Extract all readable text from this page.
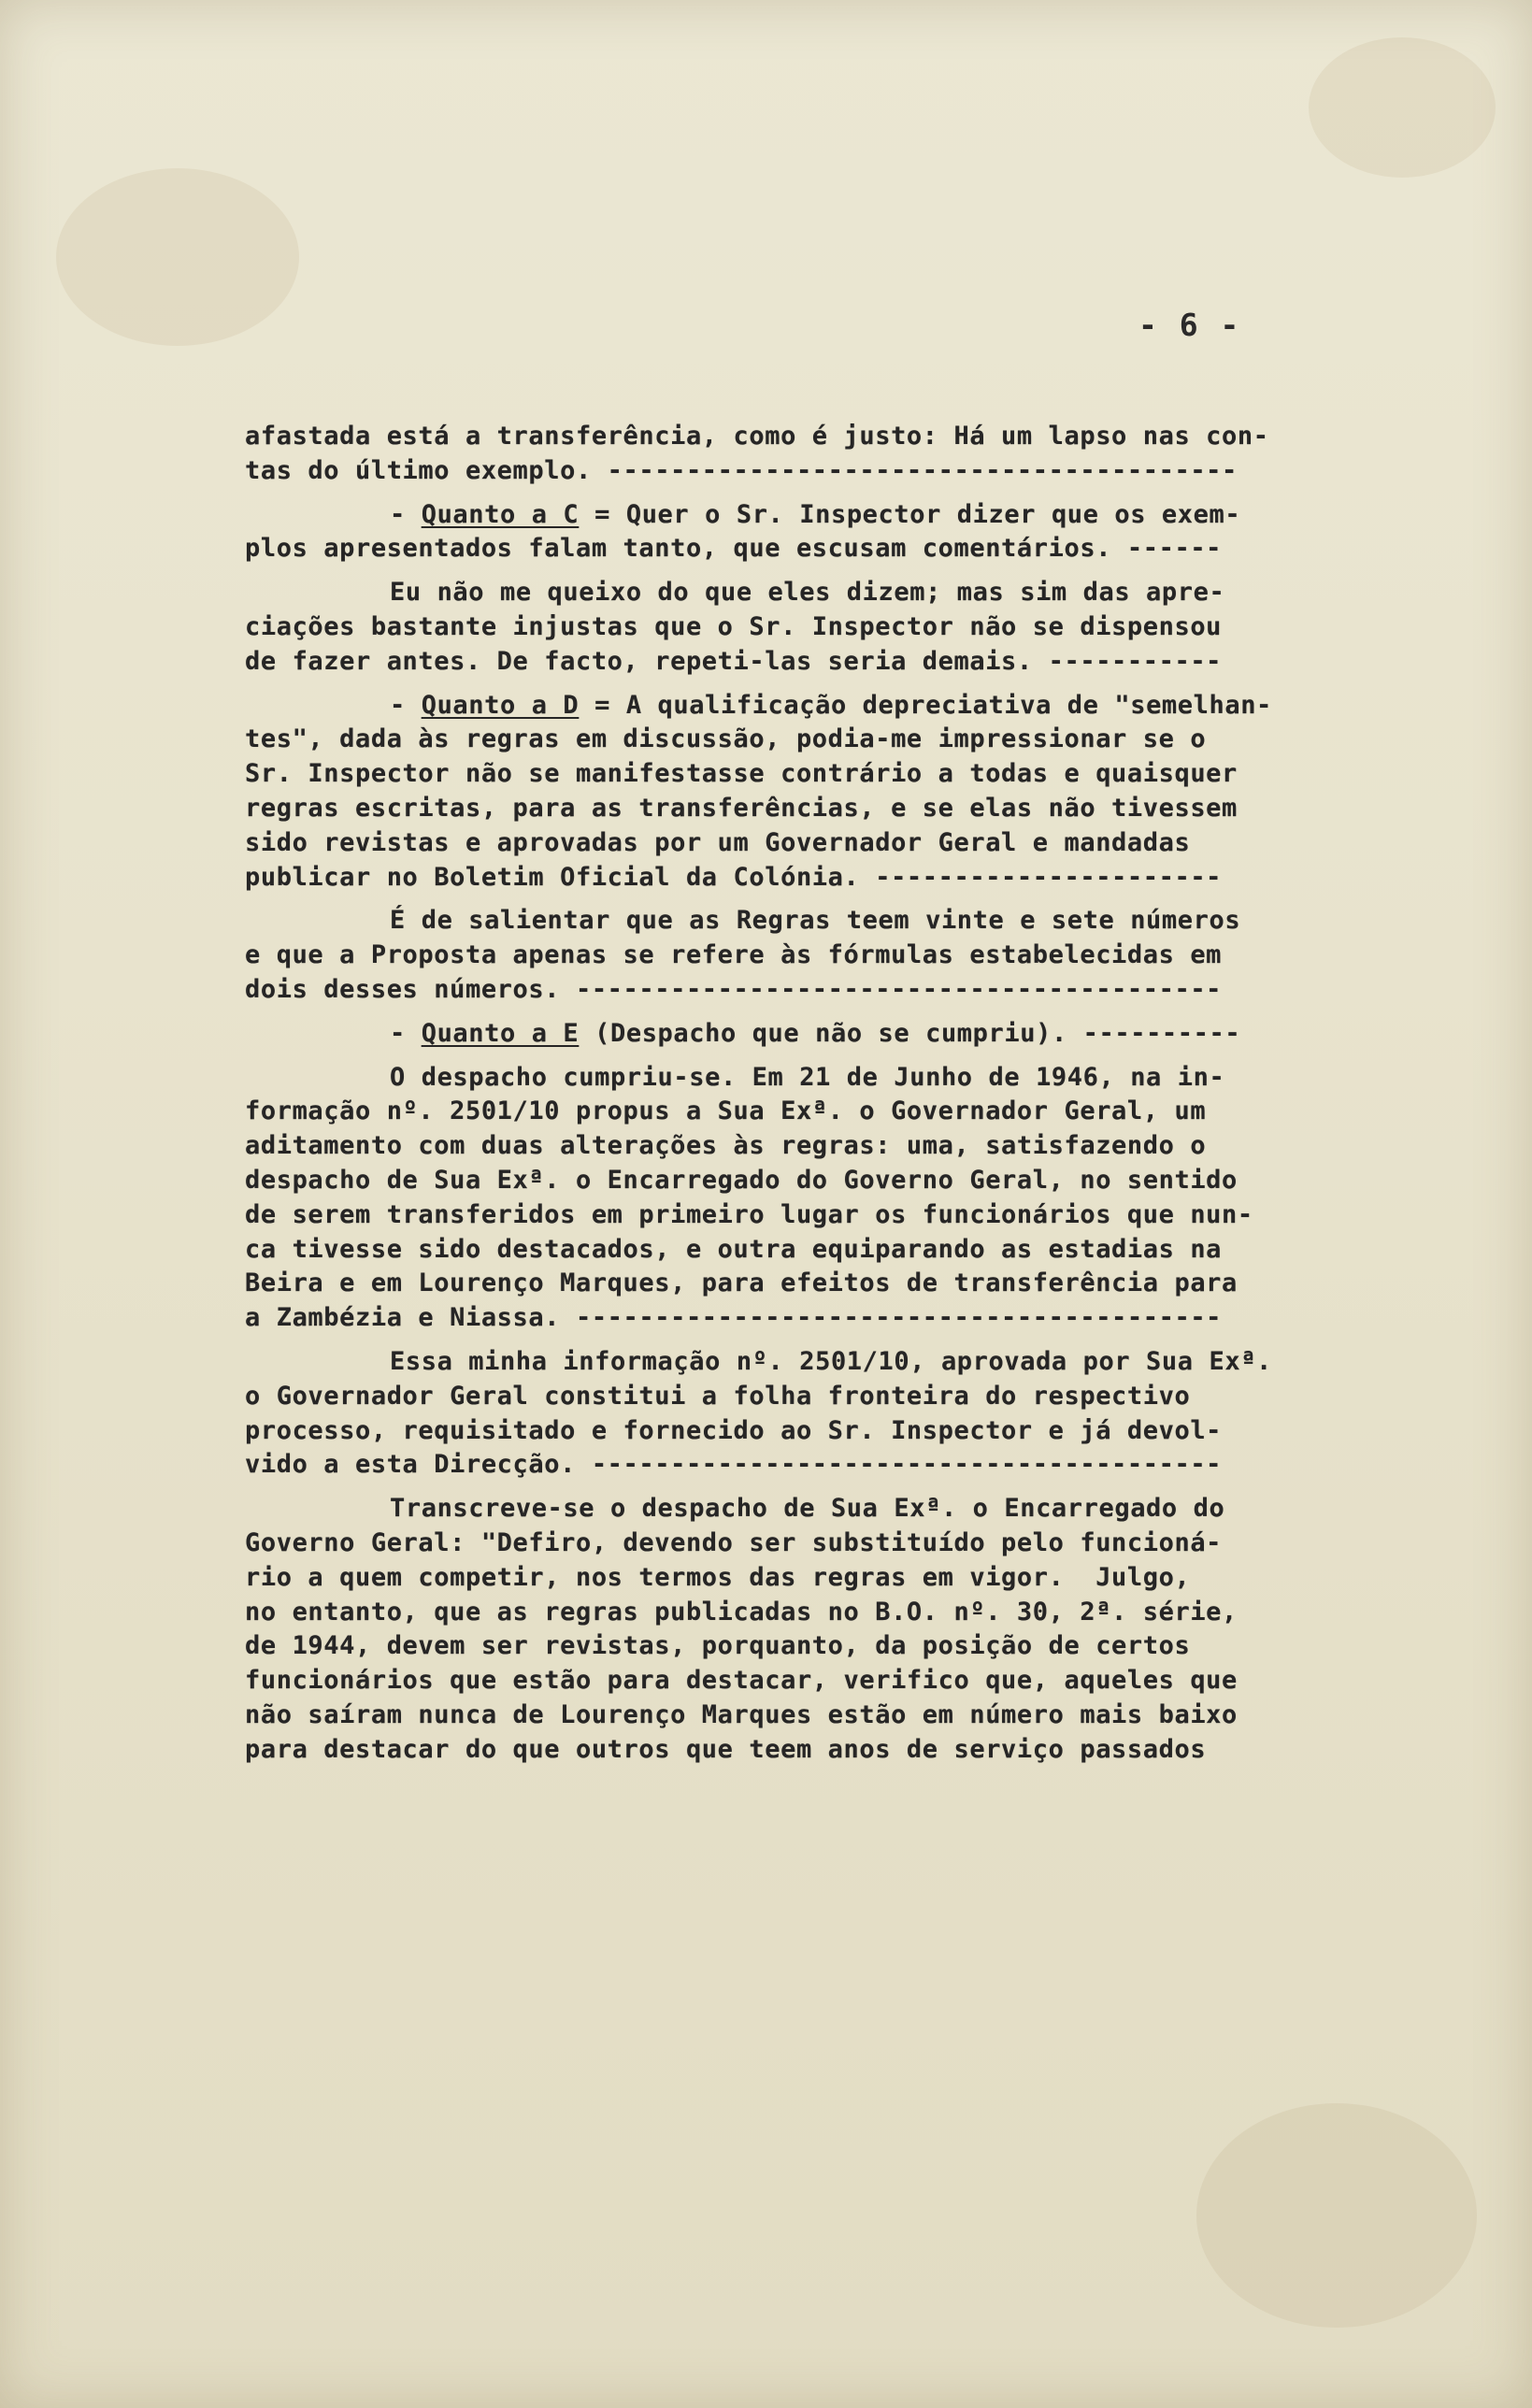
- 6 -
afastada está a transferência, como é justo: Há um lapso nas con-
tas do último exemplo. ----------------------------------------
- Quanto a C = Quer o Sr. Inspector dizer que os exem-
plos apresentados falam tanto, que escusam comentários. ------
Eu não me queixo do que eles dizem; mas sim das apre-
ciações bastante injustas que o Sr. Inspector não se dispensou
de fazer antes. De facto, repeti-las seria demais. -----------
- Quanto a D = A qualificação depreciativa de "semelhan-
tes", dada às regras em discussão, podia-me impressionar se o
Sr. Inspector não se manifestasse contrário a todas e quaisquer
regras escritas, para as transferências, e se elas não tivessem
sido revistas e aprovadas por um Governador Geral e mandadas
publicar no Boletim Oficial da Colónia. ----------------------
É de salientar que as Regras teem vinte e sete números
e que a Proposta apenas se refere às fórmulas estabelecidas em
dois desses números. -----------------------------------------
- Quanto a E (Despacho que não se cumpriu). ----------
O despacho cumpriu-se. Em 21 de Junho de 1946, na in-
formação nº. 2501/10 propus a Sua Exª. o Governador Geral, um
aditamento com duas alterações às regras: uma, satisfazendo o
despacho de Sua Exª. o Encarregado do Governo Geral, no sentido
de serem transferidos em primeiro lugar os funcionários que nun-
ca tivesse sido destacados, e outra equiparando as estadias na
Beira e em Lourenço Marques, para efeitos de transferência para
a Zambézia e Niassa. -----------------------------------------
Essa minha informação nº. 2501/10, aprovada por Sua Exª.
o Governador Geral constitui a folha fronteira do respectivo
processo, requisitado e fornecido ao Sr. Inspector e já devol-
vido a esta Direcção. ----------------------------------------
Transcreve-se o despacho de Sua Exª. o Encarregado do
Governo Geral: "Defiro, devendo ser substituído pelo funcioná-
rio a quem competir, nos termos das regras em vigor.  Julgo,
no entanto, que as regras publicadas no B.O. nº. 30, 2ª. série,
de 1944, devem ser revistas, porquanto, da posição de certos
funcionários que estão para destacar, verifico que, aqueles que
não saíram nunca de Lourenço Marques estão em número mais baixo
para destacar do que outros que teem anos de serviço passados
